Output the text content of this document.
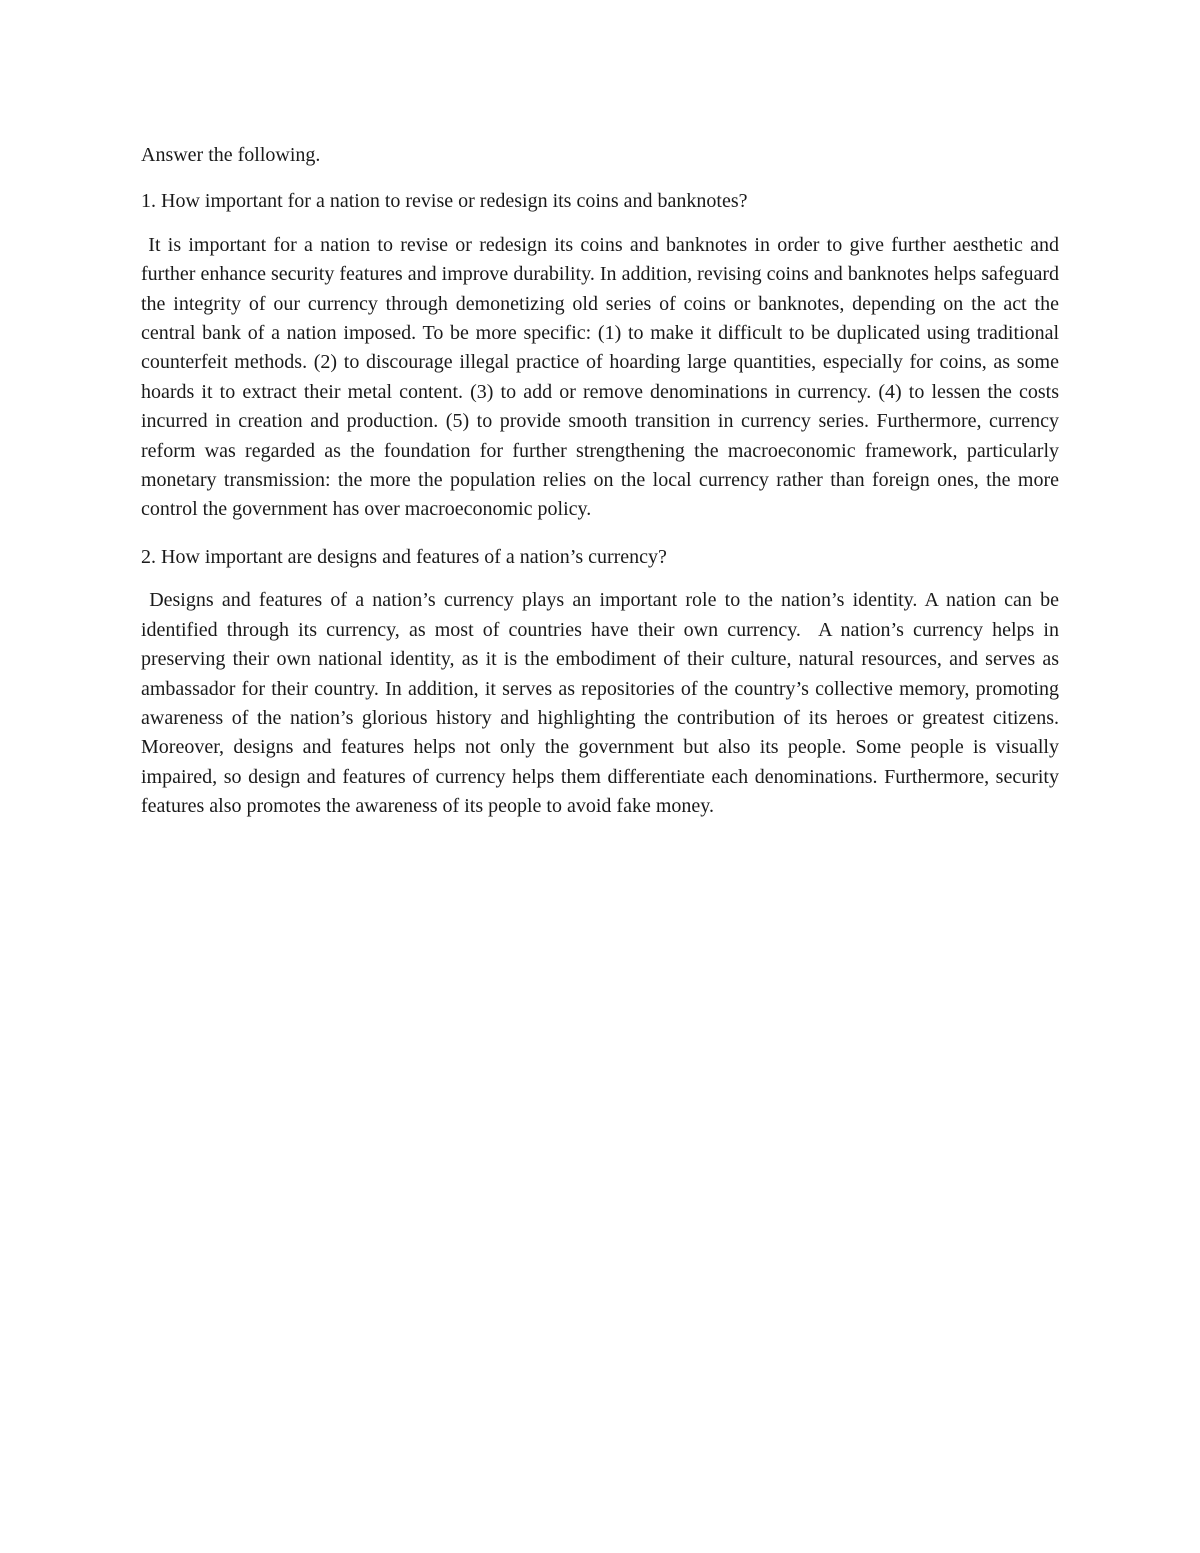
Answer the following.

1. How important for a nation to revise or redesign its coins and banknotes?

It is important for a nation to revise or redesign its coins and banknotes in order to give further aesthetic and further enhance security features and improve durability. In addition, revising coins and banknotes helps safeguard the integrity of our currency through demonetizing old series of coins or banknotes, depending on the act the central bank of a nation imposed. To be more specific: (1) to make it difficult to be duplicated using traditional counterfeit methods. (2) to discourage illegal practice of hoarding large quantities, especially for coins, as some hoards it to extract their metal content. (3) to add or remove denominations in currency. (4) to lessen the costs incurred in creation and production. (5) to provide smooth transition in currency series. Furthermore, currency reform was regarded as the foundation for further strengthening the macroeconomic framework, particularly monetary transmission: the more the population relies on the local currency rather than foreign ones, the more control the government has over macroeconomic policy.

2. How important are designs and features of a nation’s currency?

Designs and features of a nation’s currency plays an important role to the nation’s identity. A nation can be identified through its currency, as most of countries have their own currency.  A nation’s currency helps in preserving their own national identity, as it is the embodiment of their culture, natural resources, and serves as ambassador for their country. In addition, it serves as repositories of the country’s collective memory, promoting awareness of the nation’s glorious history and highlighting the contribution of its heroes or greatest citizens. Moreover, designs and features helps not only the government but also its people. Some people is visually impaired, so design and features of currency helps them differentiate each denominations. Furthermore, security features also promotes the awareness of its people to avoid fake money.
